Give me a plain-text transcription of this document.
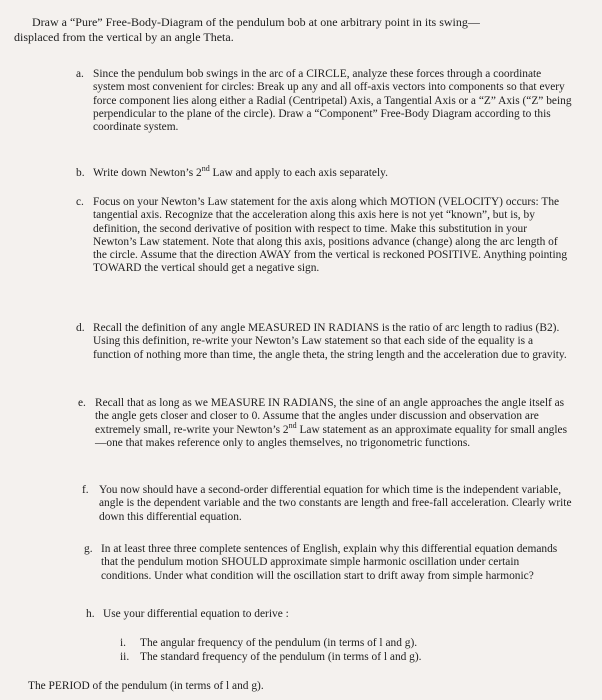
Draw a “Pure” Free-Body-Diagram of the pendulum bob at one arbitrary point in its swing—
displaced from the vertical by an angle Theta.
a. Since the pendulum bob swings in the arc of a CIRCLE, analyze these forces through a coordinate system most convenient for circles: Break up any and all off-axis vectors into components so that every force component lies along either a Radial (Centripetal) Axis, a Tangential Axis or a “Z” Axis (“Z” being perpendicular to the plane of the circle). Draw a “Component” Free-Body Diagram according to this coordinate system.
b. Write down Newton’s 2nd Law and apply to each axis separately.
c. Focus on your Newton’s Law statement for the axis along which MOTION (VELOCITY) occurs: The tangential axis. Recognize that the acceleration along this axis here is not yet “known”, but is, by definition, the second derivative of position with respect to time. Make this substitution in your Newton’s Law statement. Note that along this axis, positions advance (change) along the arc length of the circle. Assume that the direction AWAY from the vertical is reckoned POSITIVE. Anything pointing TOWARD the vertical should get a negative sign.
d. Recall the definition of any angle MEASURED IN RADIANS is the ratio of arc length to radius (B2). Using this definition, re-write your Newton’s Law statement so that each side of the equality is a function of nothing more than time, the angle theta, the string length and the acceleration due to gravity.
e. Recall that as long as we MEASURE IN RADIANS, the sine of an angle approaches the angle itself as the angle gets closer and closer to 0. Assume that the angles under discussion and observation are extremely small, re-write your Newton’s 2nd Law statement as an approximate equality for small angles—one that makes reference only to angles themselves, no trigonometric functions.
f. You now should have a second-order differential equation for which time is the independent variable, angle is the dependent variable and the two constants are length and free-fall acceleration. Clearly write down this differential equation.
g. In at least three three complete sentences of English, explain why this differential equation demands that the pendulum motion SHOULD approximate simple harmonic oscillation under certain conditions. Under what condition will the oscillation start to drift away from simple harmonic?
h. Use your differential equation to derive :
i.	The angular frequency of the pendulum (in terms of l and g).
ii. The standard frequency of the pendulum (in terms of l and g).
The PERIOD of the pendulum (in terms of l and g).
